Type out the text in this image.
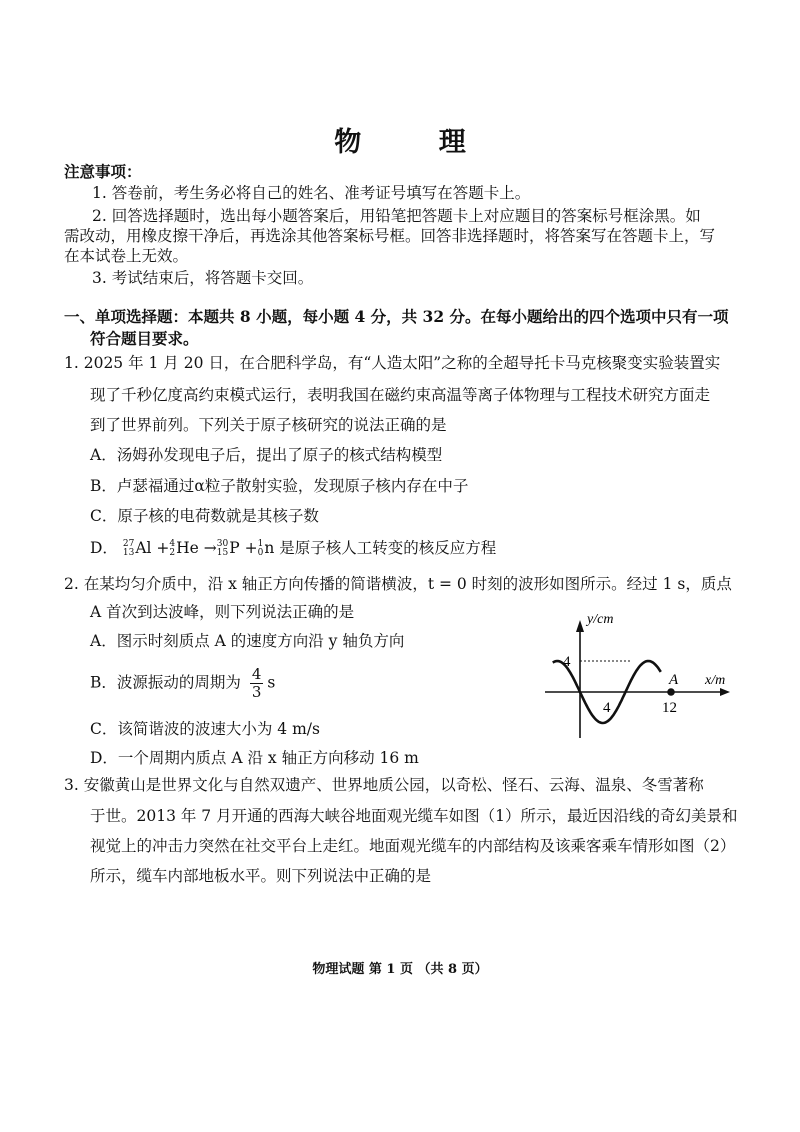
物 理
注意事项：
1. 答卷前，考生务必将自己的姓名、准考证号填写在答题卡上。
2. 回答选择题时，选出每小题答案后，用铅笔把答题卡上对应题目的答案标号框涂黑。如
需改动，用橡皮擦干净后，再选涂其他答案标号框。回答非选择题时，将答案写在答题卡上，写
在本试卷上无效。
3. 考试结束后，将答题卡交回。
一、单项选择题：本题共 8 小题，每小题 4 分，共 32 分。在每小题给出的四个选项中只有一项
符合题目要求。
1. 2025 年 1 月 20 日，在合肥科学岛，有“人造太阳”之称的全超导托卡马克核聚变实验装置实
现了千秒亿度高约束模式运行，表明我国在磁约束高温等离子体物理与工程技术研究方面走
到了世界前列。下列关于原子核研究的说法正确的是
A．汤姆孙发现电子后，提出了原子的核式结构模型
B．卢瑟福通过α粒子散射实验，发现原子核内存在中子
C．原子核的电荷数就是其核子数
D． 27
13Al +4
2He →30
15P +1
0n 是原子核人工转变的核反应方程
2. 在某均匀介质中，沿 x 轴正方向传播的简谐横波，t = 0 时刻的波形如图所示。经过 1 s，质点
A 首次到达波峰，则下列说法正确的是
A．图示时刻质点 A 的速度方向沿 y 轴负方向
B．波源振动的周期为 $\frac{4}{3}$ s
C．该简谐波的波速大小为 4 m/s
D．一个周期内质点 A 沿 x 轴正方向移动 16 m
y/cm
x/m
4
4	12
A
3. 安徽黄山是世界文化与自然双遗产、世界地质公园，以奇松、怪石、云海、温泉、冬雪著称
于世。2013 年 7 月开通的西海大峡谷地面观光缆车如图（1）所示，最近因沿线的奇幻美景和
视觉上的冲击力突然在社交平台上走红。地面观光缆车的内部结构及该乘客乘车情形如图（2）
所示，缆车内部地板水平。则下列说法中正确的是
物理试题 第 1 页 （共 8 页）
